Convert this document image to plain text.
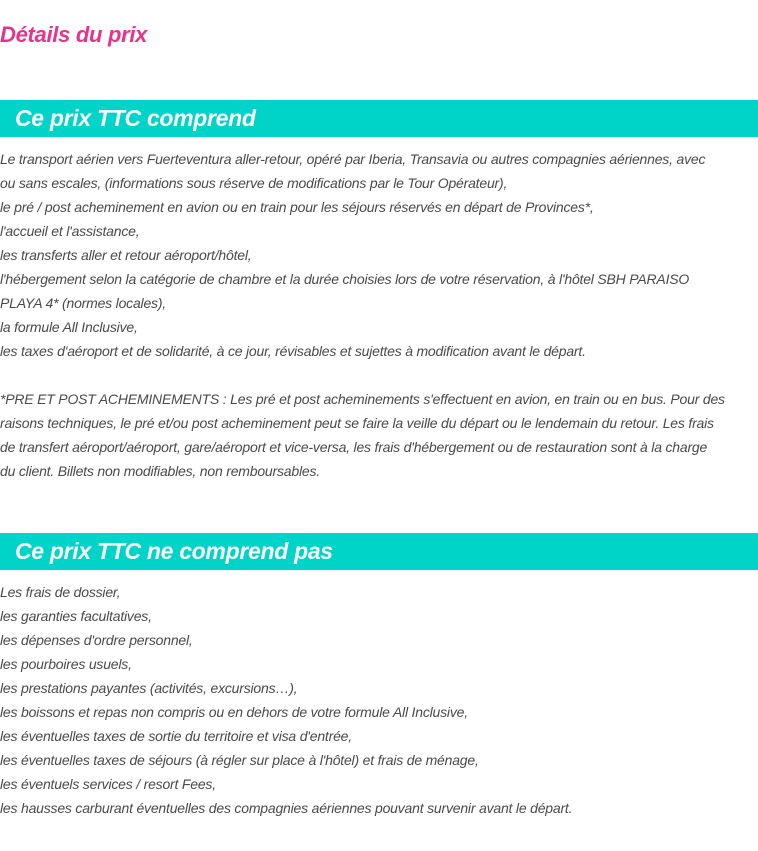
Détails du prix
Ce prix TTC comprend
Le transport aérien vers Fuerteventura aller-retour, opéré par Iberia, Transavia ou autres compagnies aériennes, avec
ou sans escales, (informations sous réserve de modifications par le Tour Opérateur),
le pré / post acheminement en avion ou en train pour les séjours réservés en départ de Provinces*,
l'accueil et l'assistance,
les transferts aller et retour aéroport/hôtel,
l'hébergement selon la catégorie de chambre et la durée choisies lors de votre réservation, à l'hôtel SBH PARAISO
PLAYA 4* (normes locales),
la formule All Inclusive,
les taxes d'aéroport et de solidarité, à ce jour, révisables et sujettes à modification avant le départ.
*PRE ET POST ACHEMINEMENTS : Les pré et post acheminements s'effectuent en avion, en train ou en bus. Pour des
raisons techniques, le pré et/ou post acheminement peut se faire la veille du départ ou le lendemain du retour. Les frais
de transfert aéroport/aéroport, gare/aéroport et vice-versa, les frais d'hébergement ou de restauration sont à la charge
du client. Billets non modifiables, non remboursables.
Ce prix TTC ne comprend pas
Les frais de dossier,
les garanties facultatives,
les dépenses d'ordre personnel,
les pourboires usuels,
les prestations payantes (activités, excursions…),
les boissons et repas non compris ou en dehors de votre formule All Inclusive,
les éventuelles taxes de sortie du territoire et visa d'entrée,
les éventuelles taxes de séjours (à régler sur place à l'hôtel) et frais de ménage,
les éventuels services / resort Fees,
les hausses carburant éventuelles des compagnies aériennes pouvant survenir avant le départ.
